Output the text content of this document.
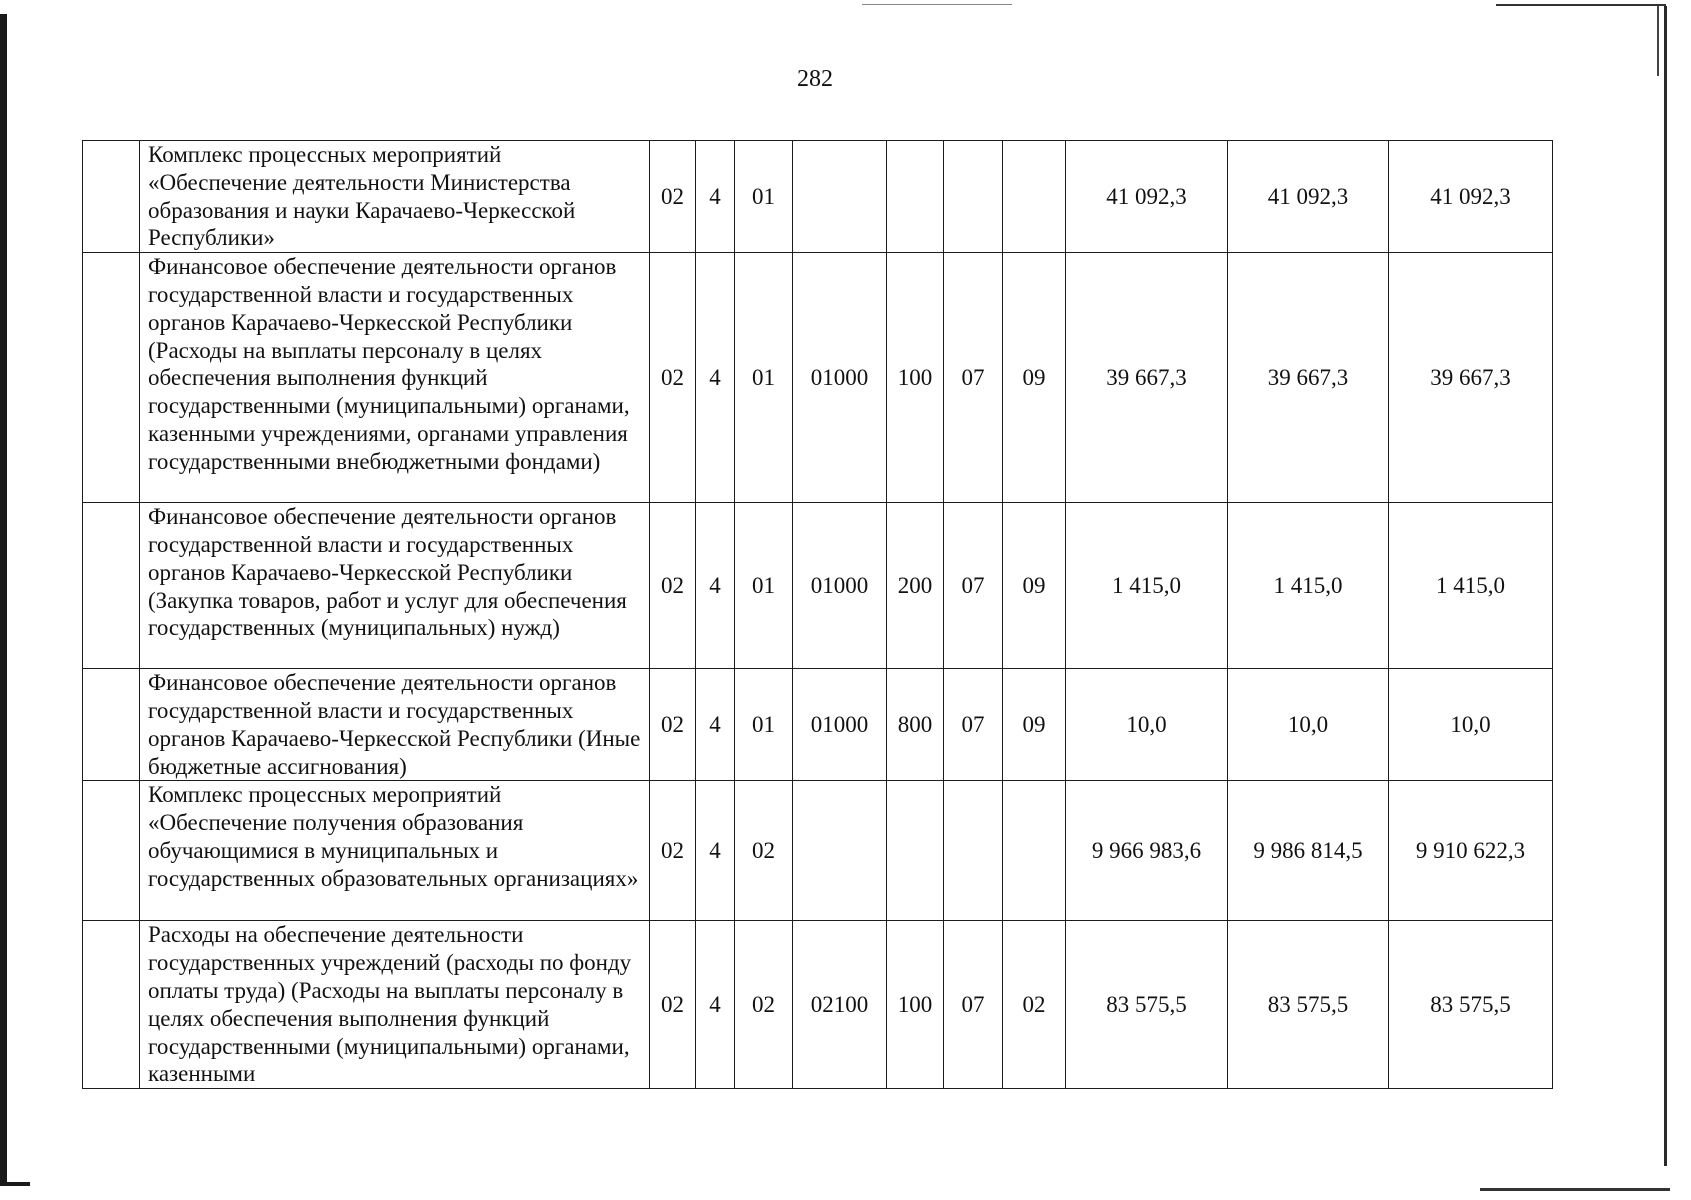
282
	Комплекс процессных мероприятий «Обеспечение деятельности Министерства образования и науки Карачаево-Черкесской Республики»	02	4	01					41 092,3	41 092,3	41 092,3
	Финансовое обеспечение деятельности органов государственной власти и государственных органов Карачаево-Черкесской Республики (Расходы на выплаты персоналу в целях обеспечения выполнения функций государственными (муниципальными) органами, казенными учреждениями, органами управления государственными внебюджетными фондами)	02	4	01	01000	100	07	09	39 667,3	39 667,3	39 667,3
	Финансовое обеспечение деятельности органов государственной власти и государственных органов Карачаево-Черкесской Республики (Закупка товаров, работ и услуг для обеспечения государственных (муниципальных) нужд)	02	4	01	01000	200	07	09	1 415,0	1 415,0	1 415,0
	Финансовое обеспечение деятельности органов государственной власти и государственных органов Карачаево-Черкесской Республики (Иные бюджетные ассигнования)	02	4	01	01000	800	07	09	10,0	10,0	10,0
	Комплекс процессных мероприятий «Обеспечение получения образования обучающимися в муниципальных и государственных образовательных организациях»	02	4	02					9 966 983,6	9 986 814,5	9 910 622,3
	Расходы на обеспечение деятельности государственных учреждений (расходы по фонду оплаты труда) (Расходы на выплаты персоналу в целях обеспечения выполнения функций государственными (муниципальными) органами, казенными	02	4	02	02100	100	07	02	83 575,5	83 575,5	83 575,5
